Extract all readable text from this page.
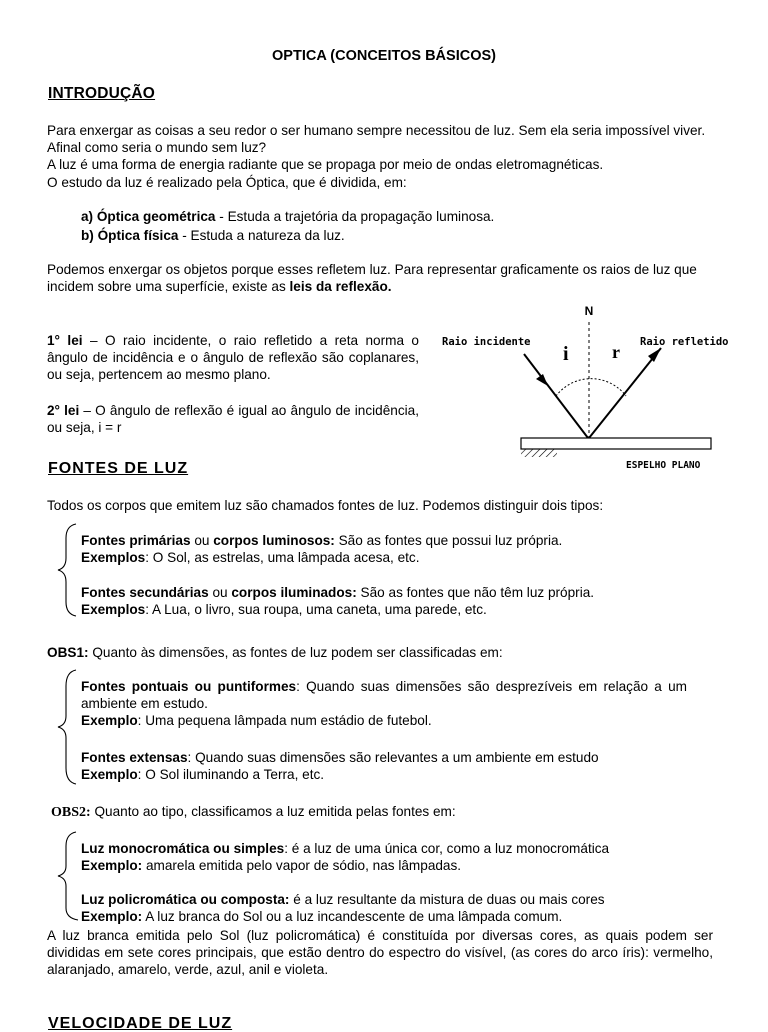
OPTICA (CONCEITOS BÁSICOS)
INTRODUÇÃO
Para enxergar as coisas a seu redor o ser humano sempre necessitou de luz. Sem ela seria impossível viver. Afinal como seria o mundo sem luz?
A luz é uma forma de energia radiante que se propaga por meio de ondas eletromagnéticas.
O estudo da luz é realizado pela Óptica, que é dividida, em:
a) Óptica geométrica - Estuda a trajetória da propagação luminosa.
b) Óptica física - Estuda a natureza da luz.
Podemos enxergar os objetos porque esses refletem luz. Para representar graficamente os raios de luz que incidem sobre uma superfície, existe as leis da reflexão.
1° lei – O raio incidente, o raio refletido a reta norma o ângulo de incidência e o ângulo de reflexão são coplanares, ou seja, pertencem ao mesmo plano.
2° lei – O ângulo de reflexão é igual ao ângulo de incidência, ou seja, i = r
N
Raio incidente	Raio refletido
i r
ESPELHO PLANO
FONTES DE LUZ
Todos os corpos que emitem luz são chamados fontes de luz. Podemos distinguir dois tipos:
Fontes primárias ou corpos luminosos: São as fontes que possui luz própria.
Exemplos: O Sol, as estrelas, uma lâmpada acesa, etc.
Fontes secundárias ou corpos iluminados: São as fontes que não têm luz própria.
Exemplos: A Lua, o livro, sua roupa, uma caneta, uma parede, etc.
OBS1: Quanto às dimensões, as fontes de luz podem ser classificadas em:
Fontes pontuais ou puntiformes: Quando suas dimensões são desprezíveis em relação a um ambiente em estudo.
Exemplo: Uma pequena lâmpada num estádio de futebol.
Fontes extensas: Quando suas dimensões são relevantes a um ambiente em estudo
Exemplo: O Sol iluminando a Terra, etc.
OBS2: Quanto ao tipo, classificamos a luz emitida pelas fontes em:
Luz monocromática ou simples: é a luz de uma única cor, como a luz monocromática
Exemplo: amarela emitida pelo vapor de sódio, nas lâmpadas.
Luz policromática ou composta: é a luz resultante da mistura de duas ou mais cores
Exemplo: A luz branca do Sol ou a luz incandescente de uma lâmpada comum.
A luz branca emitida pelo Sol (luz policromática) é constituída por diversas cores, as quais podem ser divididas em sete cores principais, que estão dentro do espectro do visível, (as cores do arco íris): vermelho, alaranjado, amarelo, verde, azul, anil e violeta.
VELOCIDADE DE LUZ
